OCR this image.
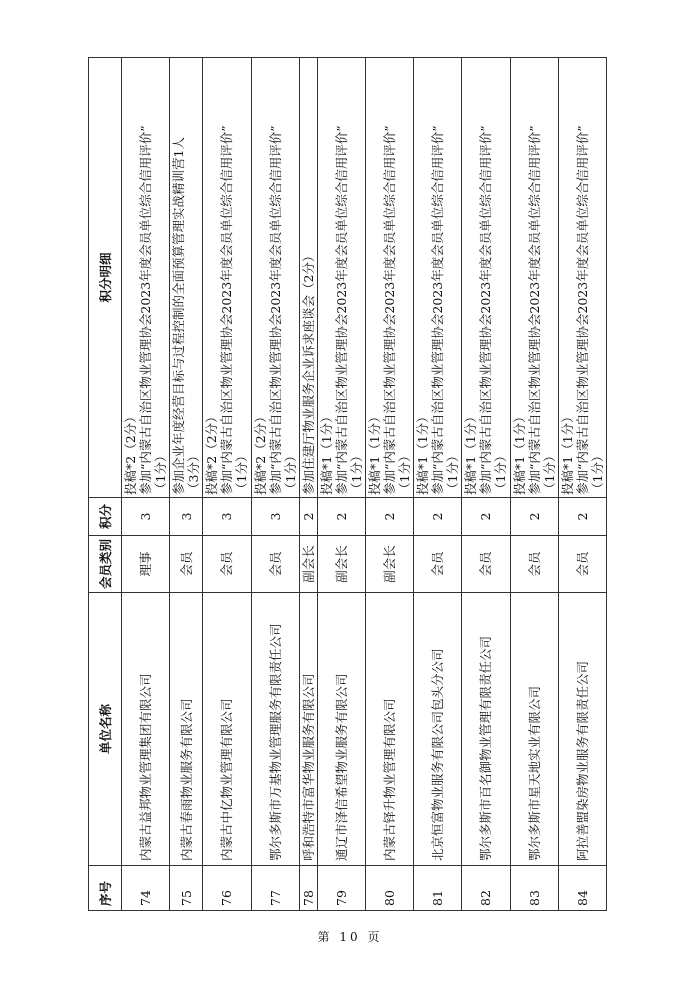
序号	单位名称	会员类别	积分	积分明细
74	内蒙古益邦物业管理集团有限公司	理事	3	投稿*2（2分）
参加“内蒙古自治区物业管理协会2023年度会员单位综合信用评价”
（1分）
75	内蒙古春雨物业服务有限公司	会员	3	参加企业年度经营目标与过程控制的全面预算管理实战精训营1人
（3分）
76	内蒙古中亿物业管理有限公司	会员	3	投稿*2（2分）
参加“内蒙古自治区物业管理协会2023年度会员单位综合信用评价”
（1分）
77	鄂尔多斯市万基物业管理服务有限责任公司	会员	3	投稿*2（2分）
参加“内蒙古自治区物业管理协会2023年度会员单位综合信用评价”
（1分）
78	呼和浩特市富华物业服务有限公司	副会长	2	参加住建厅物业服务企业诉求座谈会（2分）
79	通辽市泽信希望物业服务有限公司	副会长	2	投稿*1（1分）
参加“内蒙古自治区物业管理协会2023年度会员单位综合信用评价”
（1分）
80	内蒙古铎升物业管理有限公司	副会长	2	投稿*1（1分）
参加“内蒙古自治区物业管理协会2023年度会员单位综合信用评价”
（1分）
81	北京恒富物业服务有限公司包头分公司	会员	2	投稿*1（1分）
参加“内蒙古自治区物业管理协会2023年度会员单位综合信用评价”
（1分）
82	鄂尔多斯市百名御物业管理有限责任公司	会员	2	投稿*1（1分）
参加“内蒙古自治区物业管理协会2023年度会员单位综合信用评价”
（1分）
83	鄂尔多斯市星天地实业有限公司	会员	2	投稿*1（1分）
参加“内蒙古自治区物业管理协会2023年度会员单位综合信用评价”
（1分）
84	阿拉善盟染房物业服务有限责任公司	会员	2	投稿*1（1分）
参加“内蒙古自治区物业管理协会2023年度会员单位综合信用评价”
（1分）
第 10 页
